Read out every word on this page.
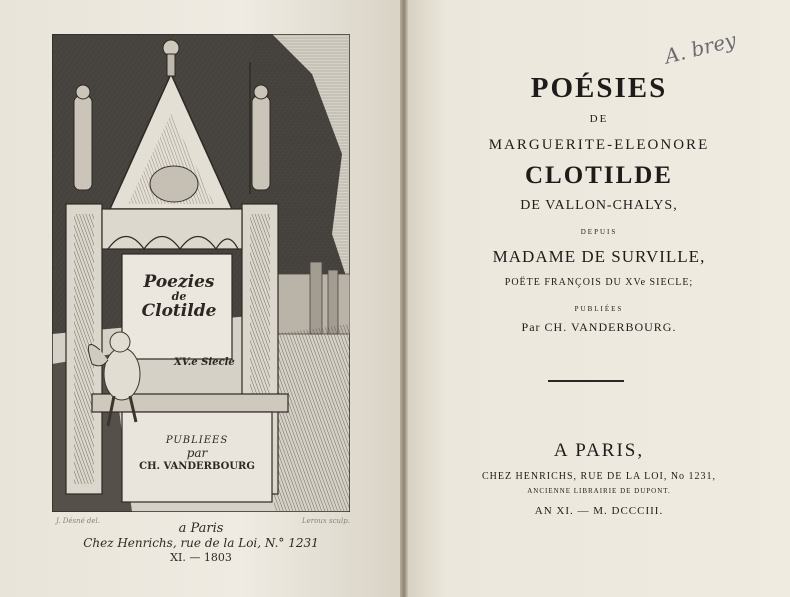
Poezies
de
Clotilde
XV.e Siecle
PUBLIEES
par
CH. VANDERBOURG
J. Désné del.	Leroux sculp.
a Paris
Chez Henrichs, rue de la Loi, N.° 1231
XI. — 1803
A. brey
POÉSIES
DE
MARGUERITE-ELEONORE
CLOTILDE
DE VALLON-CHALYS,
DEPUIS
MADAME DE SURVILLE,
POËTE FRANÇOIS DU XVe SIECLE;
PUBLIÉES
Par CH. VANDERBOURG.
A PARIS,
CHEZ HENRICHS, RUE DE LA LOI, No 1231,
ANCIENNE LIBRAIRIE DE DUPONT.
AN XI. — M. DCCCIII.
